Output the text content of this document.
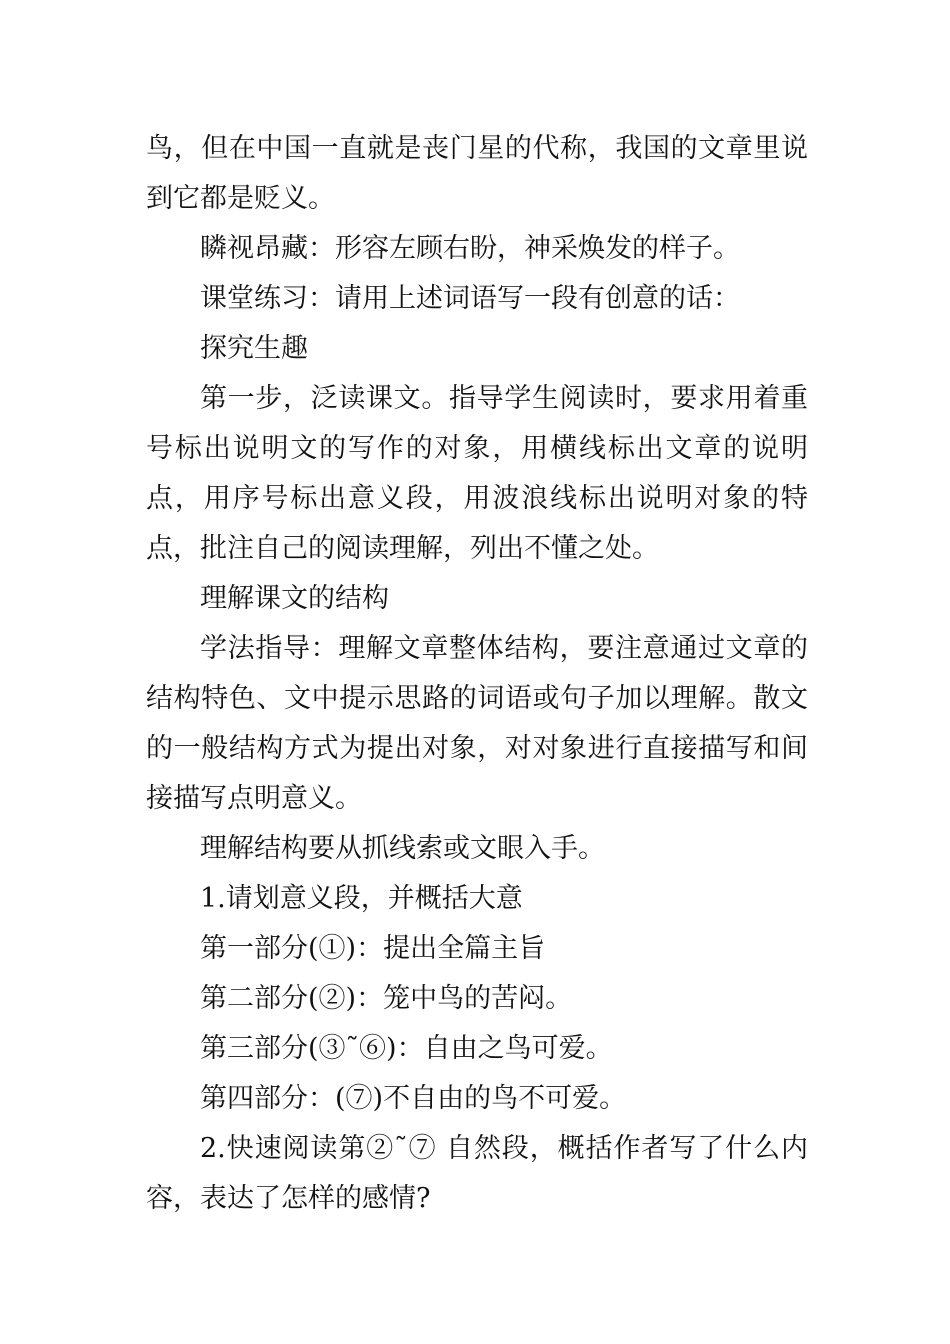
鸟，但在中国一直就是丧门星的代称，我国的文章里说到它都是贬义。

瞵视昂藏：形容左顾右盼，神采焕发的样子。

课堂练习：请用上述词语写一段有创意的话：

探究生趣

第一步，泛读课文。指导学生阅读时，要求用着重号标出说明文的写作的对象，用横线标出文章的说明点，用序号标出意义段，用波浪线标出说明对象的特点，批注自己的阅读理解，列出不懂之处。

理解课文的结构

学法指导：理解文章整体结构，要注意通过文章的结构特色、文中提示思路的词语或句子加以理解。散文的一般结构方式为提出对象，对对象进行直接描写和间接描写点明意义。

理解结构要从抓线索或文眼入手。

1.请划意义段，并概括大意

第一部分(①)：提出全篇主旨

第二部分(②)：笼中鸟的苦闷。

第三部分(③˜⑥)：自由之鸟可爱。

第四部分：(⑦)不自由的鸟不可爱。

2.快速阅读第②˜⑦ 自然段，概括作者写了什么内容，表达了怎样的感情?
